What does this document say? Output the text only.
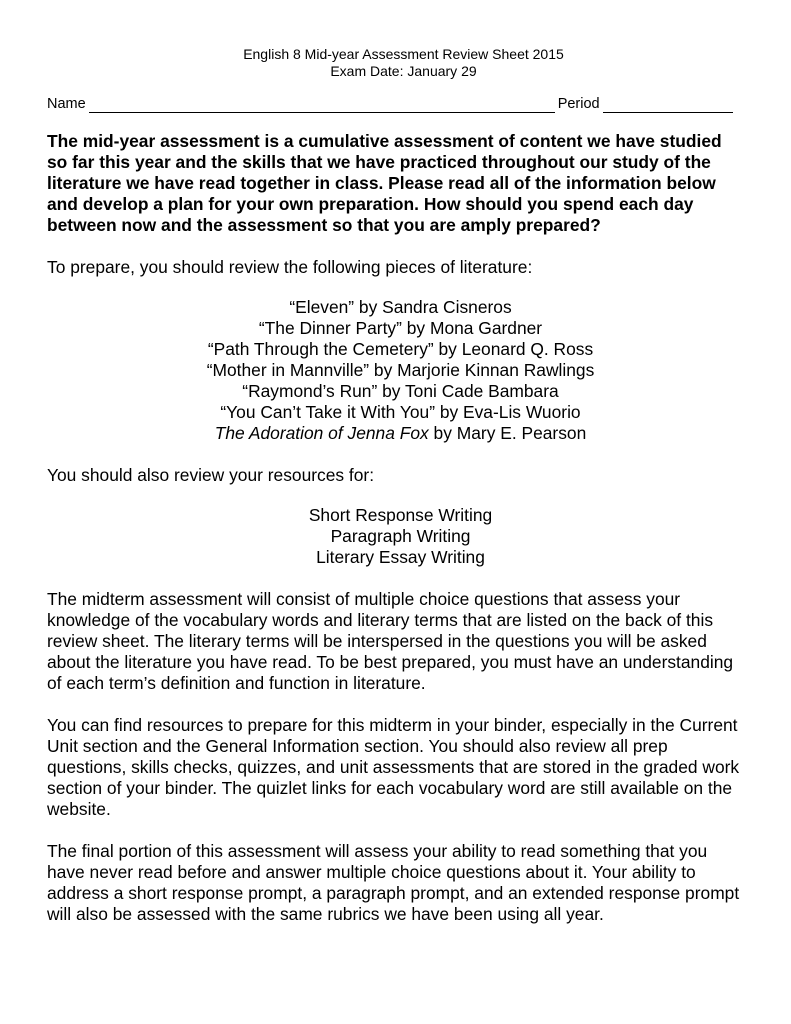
English 8 Mid-year Assessment Review Sheet 2015
Exam Date: January 29
Name	Period
The mid-year assessment is a cumulative assessment of content we have studied so far this year and the skills that we have practiced throughout our study of the literature we have read together in class. Please read all of the information below and develop a plan for your own preparation. How should you spend each day between now and the assessment so that you are amply prepared?

To prepare, you should review the following pieces of literature:

“Eleven” by Sandra Cisneros
“The Dinner Party” by Mona Gardner
“Path Through the Cemetery” by Leonard Q. Ross
“Mother in Mannville” by Marjorie Kinnan Rawlings
“Raymond’s Run” by Toni Cade Bambara
“You Can’t Take it With You” by Eva-Lis Wuorio
The Adoration of Jenna Fox by Mary E. Pearson

You should also review your resources for:

Short Response Writing
Paragraph Writing
Literary Essay Writing

The midterm assessment will consist of multiple choice questions that assess your knowledge of the vocabulary words and literary terms that are listed on the back of this review sheet. The literary terms will be interspersed in the questions you will be asked about the literature you have read. To be best prepared, you must have an understanding of each term’s definition and function in literature.

You can find resources to prepare for this midterm in your binder, especially in the Current Unit section and the General Information section. You should also review all prep questions, skills checks, quizzes, and unit assessments that are stored in the graded work section of your binder. The quizlet links for each vocabulary word are still available on the website.

The final portion of this assessment will assess your ability to read something that you have never read before and answer multiple choice questions about it. Your ability to address a short response prompt, a paragraph prompt, and an extended response prompt will also be assessed with the same rubrics we have been using all year.
